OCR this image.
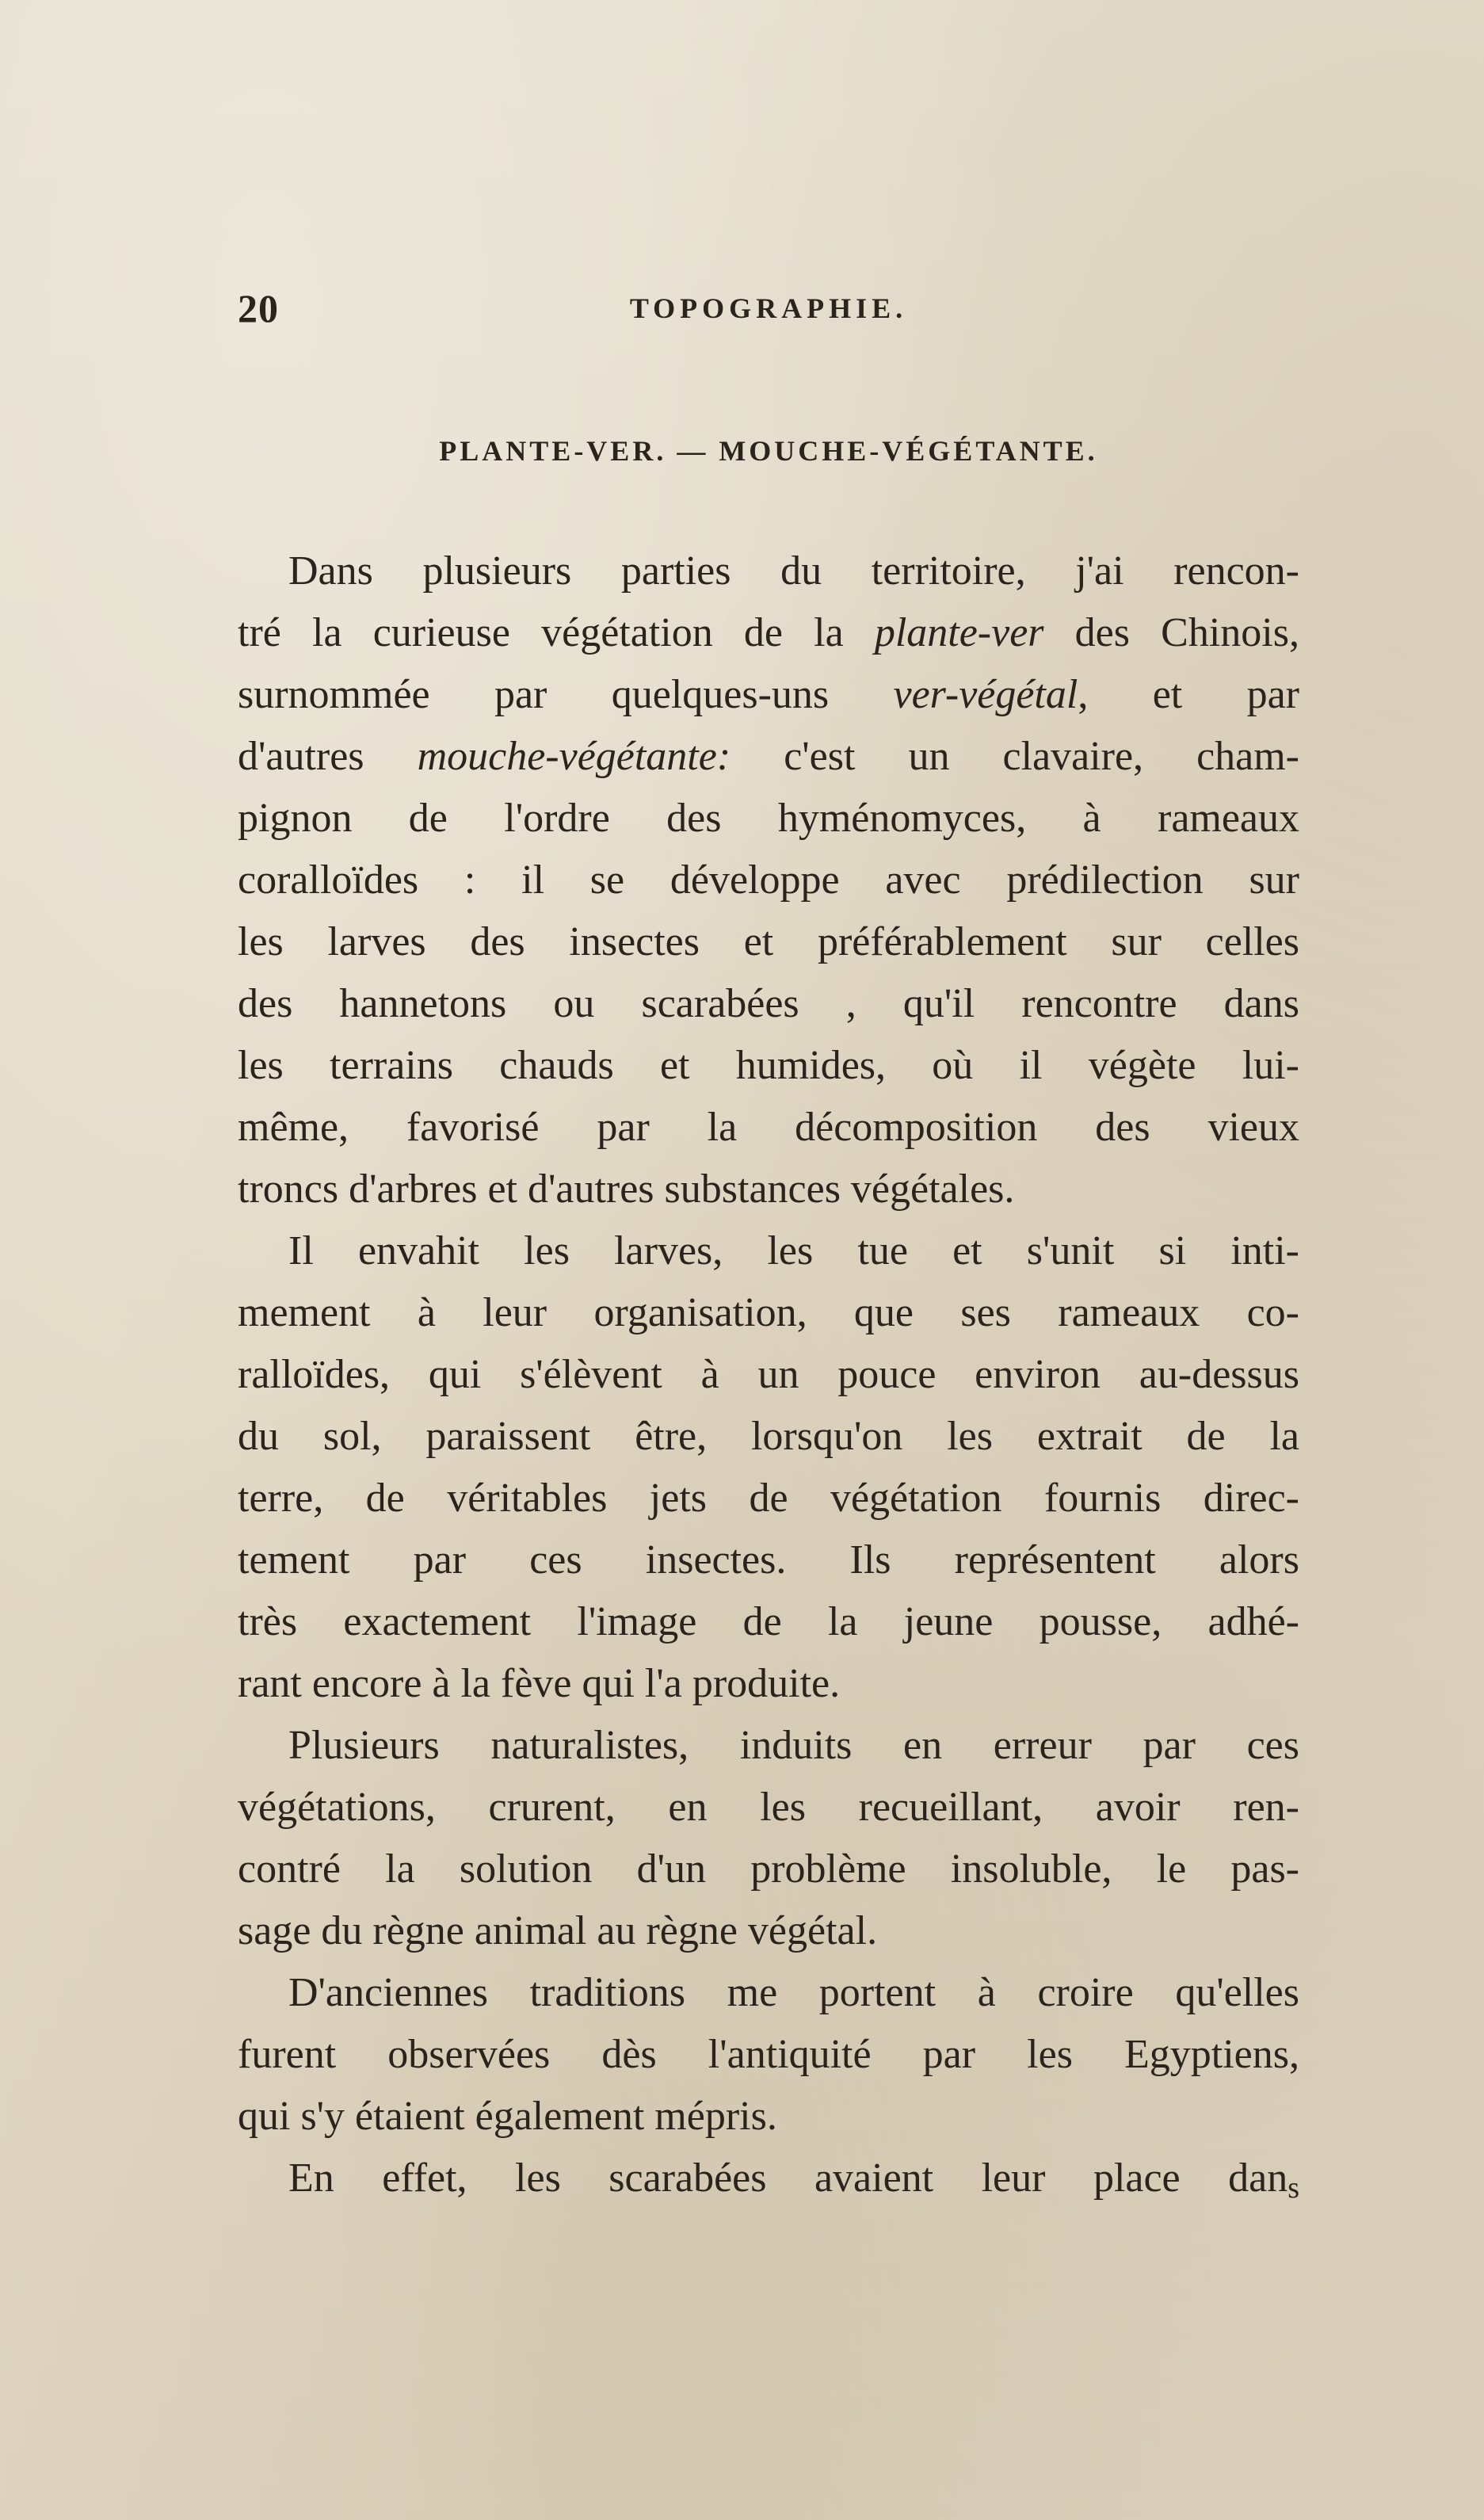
20	TOPOGRAPHIE.
PLANTE-VER. — MOUCHE-VÉGÉTANTE.
Dans plusieurs parties du territoire, j'ai rencon-
tré la curieuse végétation de la plante-ver des Chinois,
surnommée par quelques-uns ver-végétal, et par
d'autres mouche-végétante: c'est un clavaire, cham-
pignon de l'ordre des hyménomyces, à rameaux
coralloïdes : il se développe avec prédilection sur
les larves des insectes et préférablement sur celles
des hannetons ou scarabées , qu'il rencontre dans
les terrains chauds et humides, où il végète lui-
même, favorisé par la décomposition des vieux
troncs d'arbres et d'autres substances végétales.
Il envahit les larves, les tue et s'unit si inti-
mement à leur organisation, que ses rameaux co-
ralloïdes, qui s'élèvent à un pouce environ au-dessus
du sol, paraissent être, lorsqu'on les extrait de la
terre, de véritables jets de végétation fournis direc-
tement par ces insectes. Ils représentent alors
très exactement l'image de la jeune pousse, adhé-
rant encore à la fève qui l'a produite.
Plusieurs naturalistes, induits en erreur par ces
végétations, crurent, en les recueillant, avoir ren-
contré la solution d'un problème insoluble, le pas-
sage du règne animal au règne végétal.
D'anciennes traditions me portent à croire qu'elles
furent observées dès l'antiquité par les Egyptiens,
qui s'y étaient également mépris.
En effet, les scarabées avaient leur place dan$_s$
